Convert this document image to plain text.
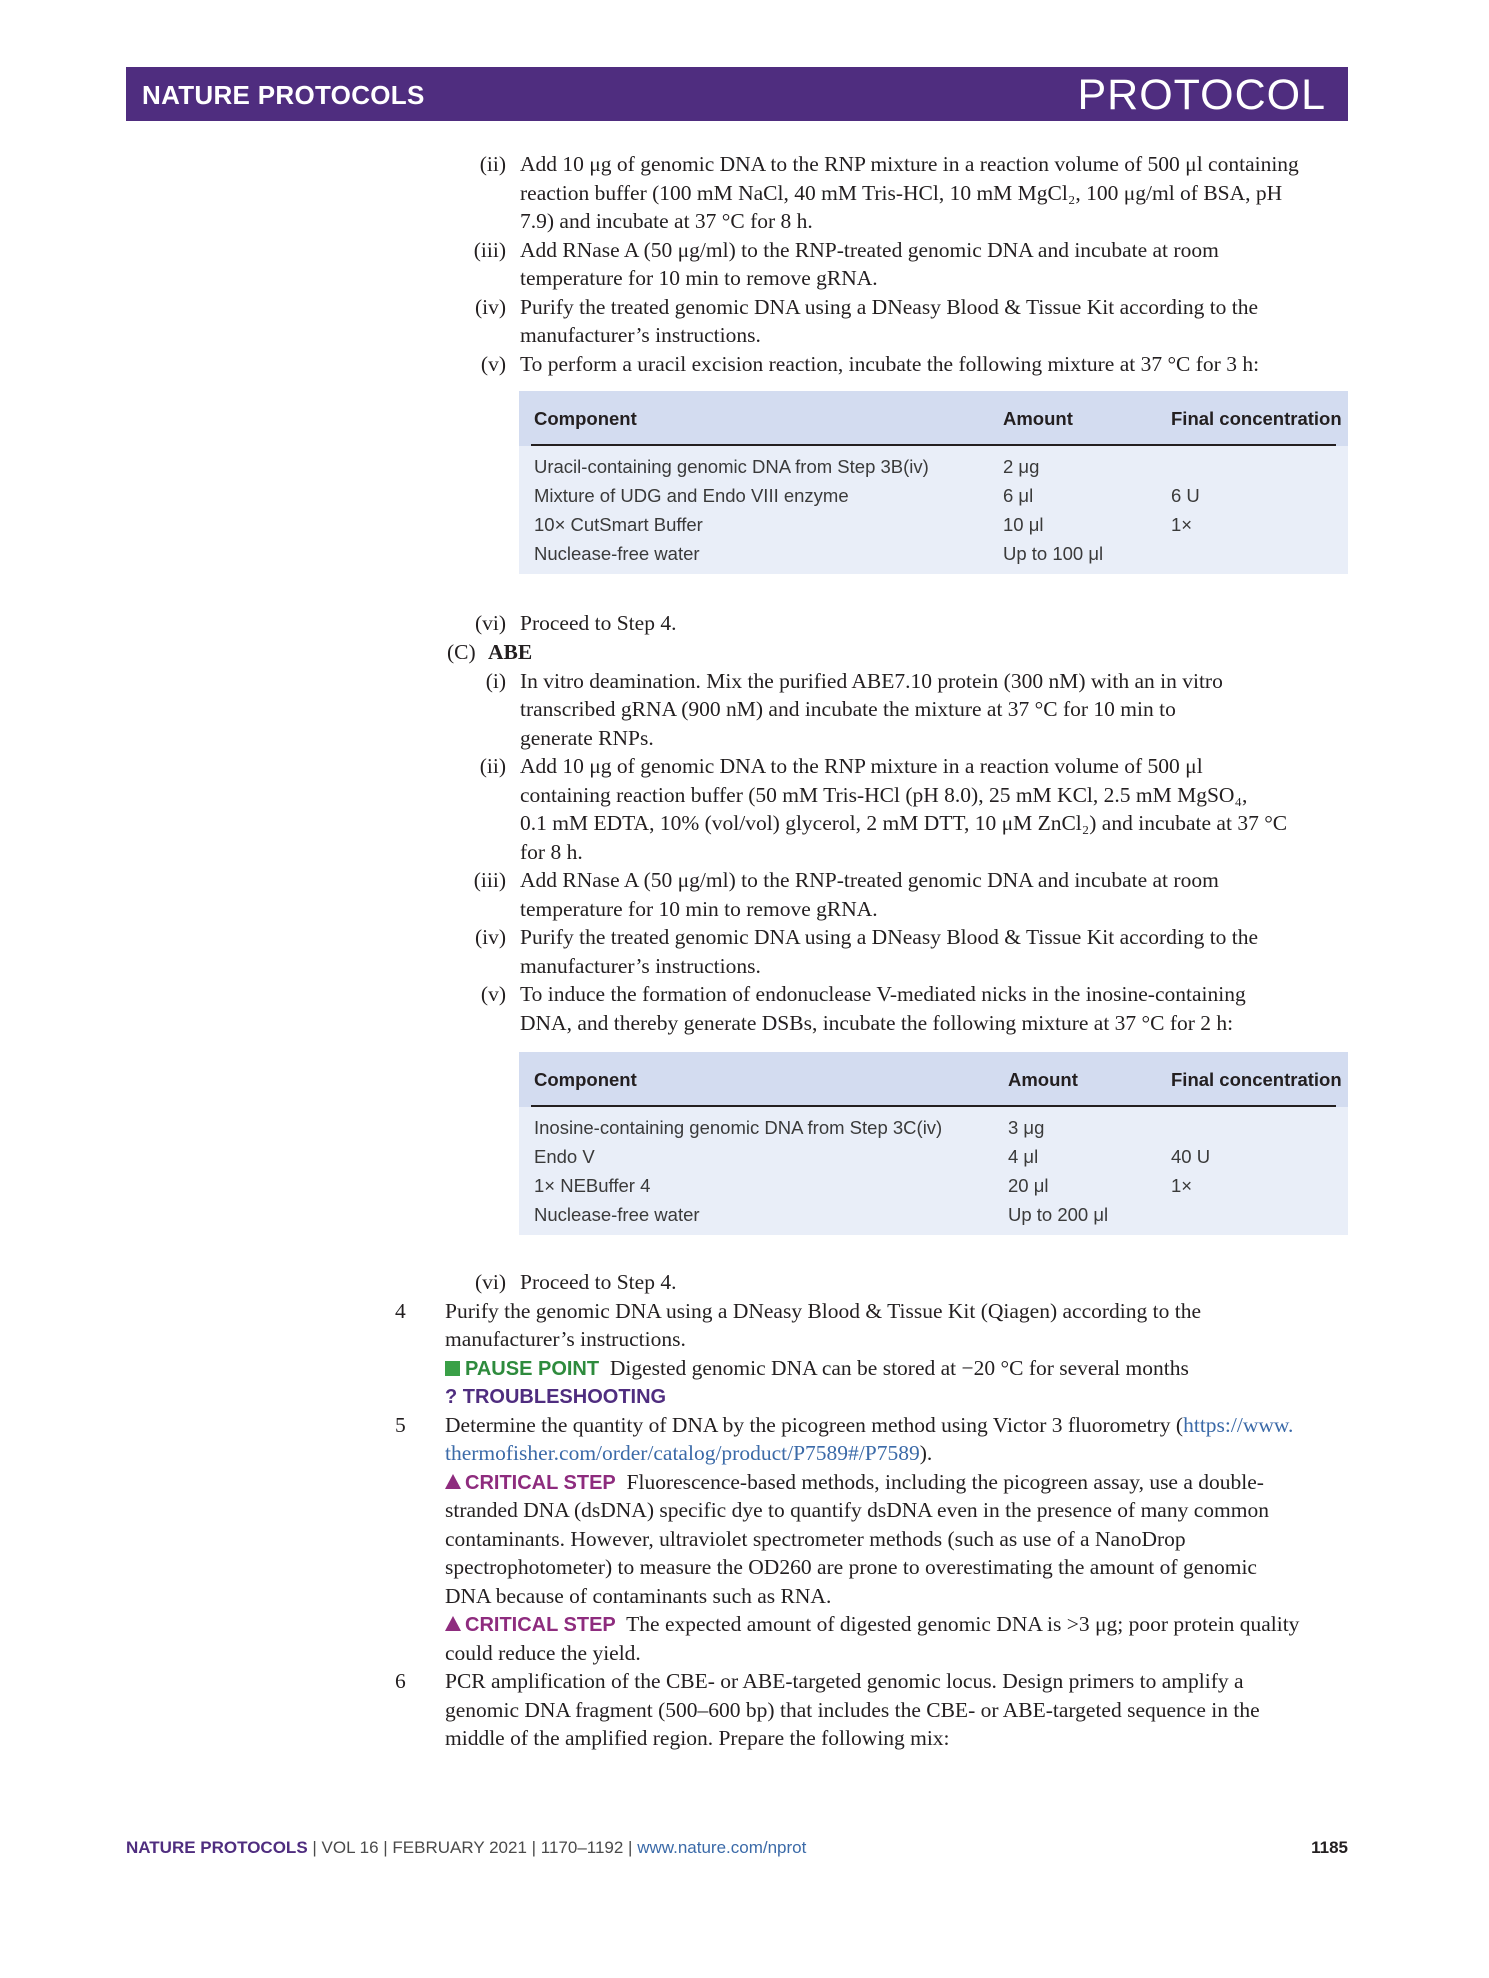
NATURE PROTOCOLS	PROTOCOL
(ii) Add 10 μg of genomic DNA to the RNP mixture in a reaction volume of 500 μl containing
reaction buffer (100 mM NaCl, 40 mM Tris-HCl, 10 mM MgCl₂, 100 μg/ml of BSA, pH
7.9) and incubate at 37 °C for 8 h.
(iii) Add RNase A (50 μg/ml) to the RNP-treated genomic DNA and incubate at room
temperature for 10 min to remove gRNA.
(iv) Purify the treated genomic DNA using a DNeasy Blood & Tissue Kit according to the
manufacturer’s instructions.
(v) To perform a uracil excision reaction, incubate the following mixture at 37 °C for 3 h:
Component	Amount	Final concentration
Uracil-containing genomic DNA from Step 3B(iv)	2 μg
Mixture of UDG and Endo VIII enzyme	6 μl	6 U
10× CutSmart Buffer	10 μl	1×
Nuclease-free water	Up to 100 μl
(vi) Proceed to Step 4.
(C) ABE
(i) In vitro deamination. Mix the purified ABE7.10 protein (300 nM) with an in vitro
transcribed gRNA (900 nM) and incubate the mixture at 37 °C for 10 min to
generate RNPs.
(ii) Add 10 μg of genomic DNA to the RNP mixture in a reaction volume of 500 μl
containing reaction buffer (50 mM Tris-HCl (pH 8.0), 25 mM KCl, 2.5 mM MgSO₄,
0.1 mM EDTA, 10% (vol/vol) glycerol, 2 mM DTT, 10 μM ZnCl₂) and incubate at 37 °C
for 8 h.
(iii) Add RNase A (50 μg/ml) to the RNP-treated genomic DNA and incubate at room
temperature for 10 min to remove gRNA.
(iv) Purify the treated genomic DNA using a DNeasy Blood & Tissue Kit according to the
manufacturer’s instructions.
(v) To induce the formation of endonuclease V-mediated nicks in the inosine-containing
DNA, and thereby generate DSBs, incubate the following mixture at 37 °C for 2 h:
Component	Amount	Final concentration
Inosine-containing genomic DNA from Step 3C(iv)	3 μg
Endo V	4 μl	40 U
1× NEBuffer 4	20 μl	1×
Nuclease-free water	Up to 200 μl
(vi) Proceed to Step 4.
4 Purify the genomic DNA using a DNeasy Blood & Tissue Kit (Qiagen) according to the
manufacturer’s instructions.
PAUSE POINT Digested genomic DNA can be stored at −20 °C for several months
? TROUBLESHOOTING
5 Determine the quantity of DNA by the picogreen method using Victor 3 fluorometry (https://www.
thermofisher.com/order/catalog/product/P7589#/P7589).
CRITICAL STEP Fluorescence-based methods, including the picogreen assay, use a double-
stranded DNA (dsDNA) specific dye to quantify dsDNA even in the presence of many common
contaminants. However, ultraviolet spectrometer methods (such as use of a NanoDrop
spectrophotometer) to measure the OD260 are prone to overestimating the amount of genomic
DNA because of contaminants such as RNA.
CRITICAL STEP The expected amount of digested genomic DNA is >3 μg; poor protein quality
could reduce the yield.
6 PCR amplification of the CBE- or ABE-targeted genomic locus. Design primers to amplify a
genomic DNA fragment (500–600 bp) that includes the CBE- or ABE-targeted sequence in the
middle of the amplified region. Prepare the following mix:
NATURE PROTOCOLS | VOL 16 | FEBRUARY 2021 | 1170–1192 | www.nature.com/nprot	1185
